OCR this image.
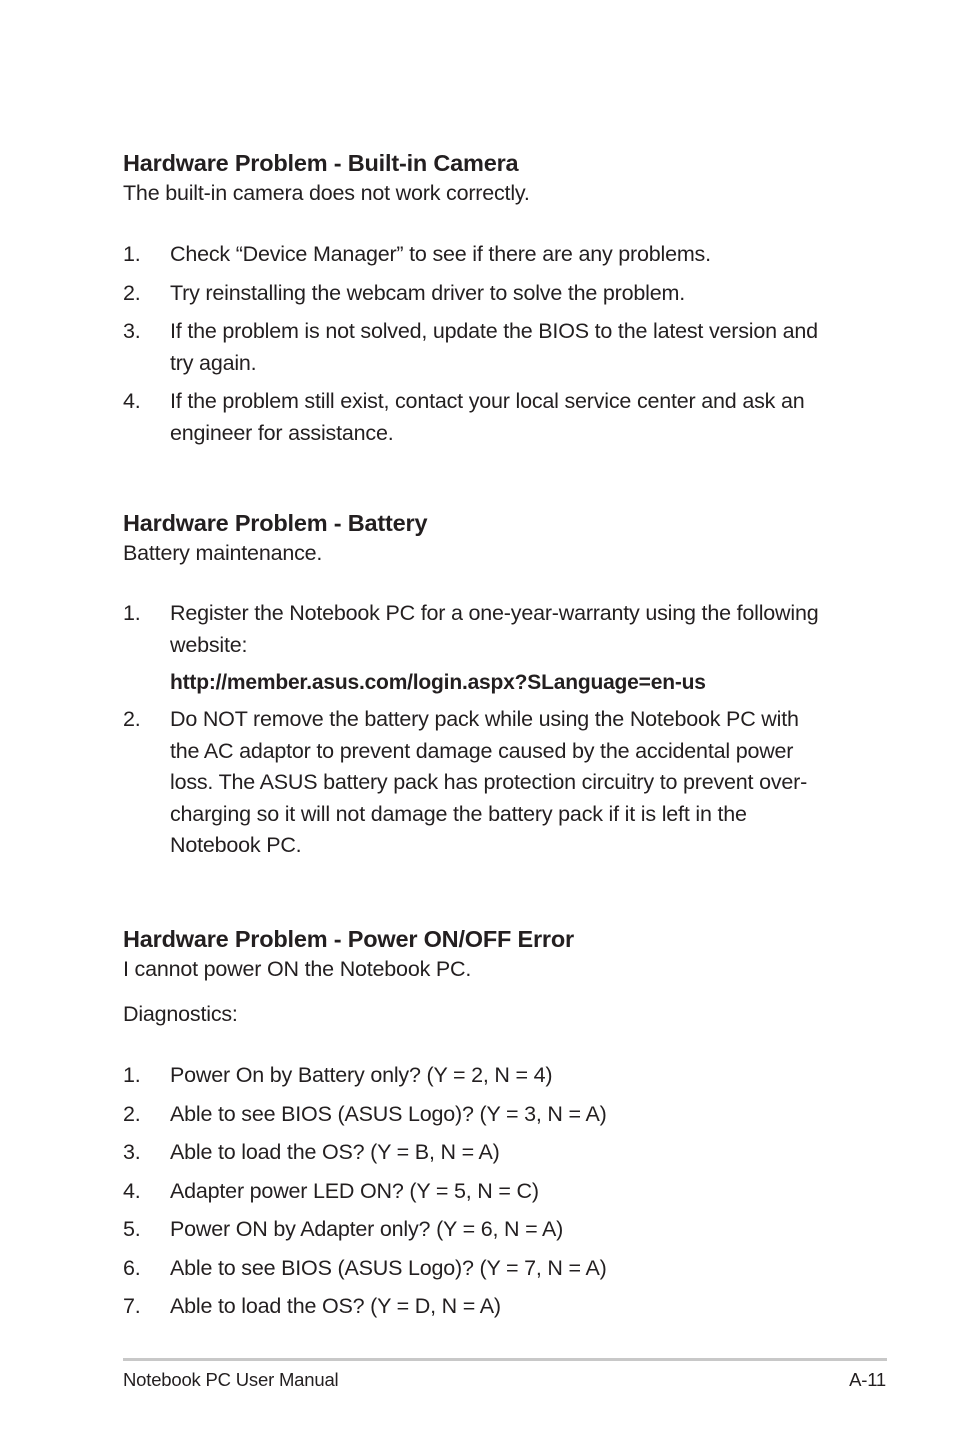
Hardware Problem - Built-in Camera

The built-in camera does not work correctly.

1. Check “Device Manager” to see if there are any problems.
2. Try reinstalling the webcam driver to solve the problem.
3. If the problem is not solved, update the BIOS to the latest version and try again.
4. If the problem still exist, contact your local service center and ask an engineer for assistance.

Hardware Problem - Battery

Battery maintenance.

1. Register the Notebook PC for a one-year-warranty using the following website:
http://member.asus.com/login.aspx?SLanguage=en-us
2. Do NOT remove the battery pack while using the Notebook PC with the AC adaptor to prevent damage caused by the accidental power loss. The ASUS battery pack has protection circuitry to prevent over-charging so it will not damage the battery pack if it is left in the Notebook PC.

Hardware Problem - Power ON/OFF Error

I cannot power ON the Notebook PC.

Diagnostics:

1. Power On by Battery only? (Y = 2, N = 4)
2. Able to see BIOS (ASUS Logo)? (Y = 3, N = A)
3. Able to load the OS? (Y = B, N = A)
4. Adapter power LED ON? (Y = 5, N = C)
5. Power ON by Adapter only? (Y = 6, N = A)
6. Able to see BIOS (ASUS Logo)? (Y = 7, N = A)
7. Able to load the OS? (Y = D, N = A)
Notebook PC User Manual	A-11
